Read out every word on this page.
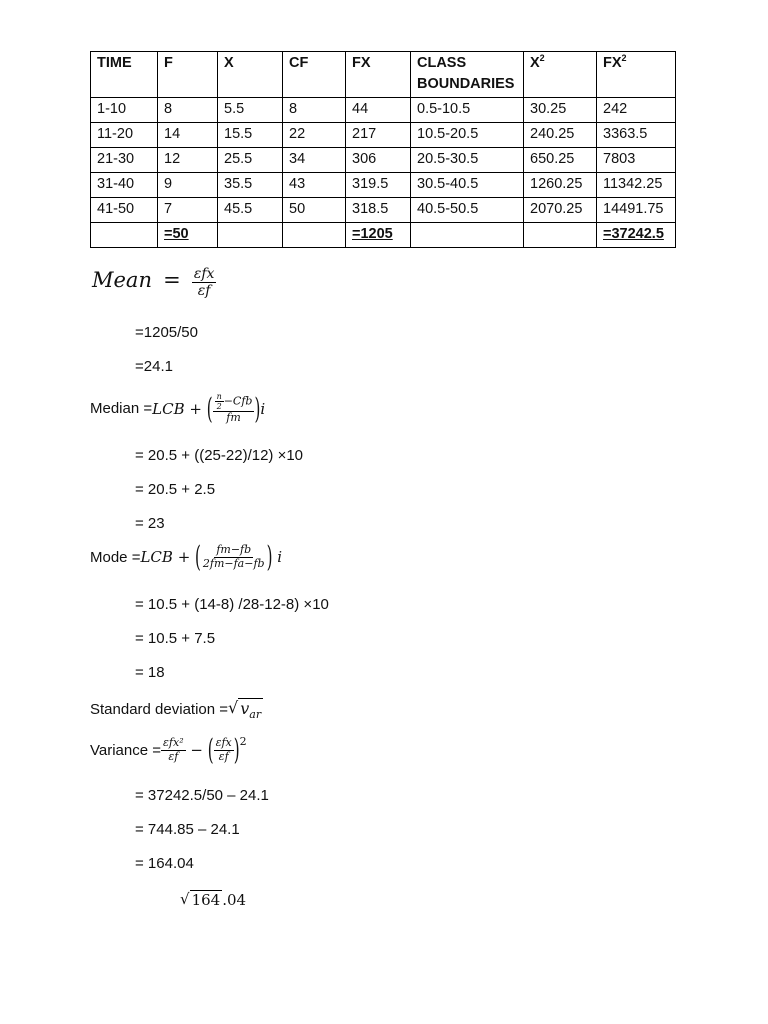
TIME	F	X	CF	FX	CLASS BOUNDARIES	$X^2$	$FX^2$
1-10	8	5.5	8	44	0.5-10.5	30.25	242
11-20	14	15.5	22	217	10.5-20.5	240.25	3363.5
21-30	12	25.5	34	306	20.5-30.5	650.25	7803
31-40	9	35.5	43	319.5	30.5-40.5	1260.25	11342.25
41-50	7	45.5	50	318.5	40.5-50.5	2070.25	14491.75
	=50			=1205			=37242.5
Mean  = $\frac{\text{εfx}}{\varepsilon f}$
=1205/50
=24.1
Median = LCB + ( $\frac{\frac{n}{2} -Cfb}{fm}$ ) i
= 20.5 + ((25-22)/12) ×10
= 20.5 + 2.5
= 23
Mode = LCB + ( $\frac{fm-fb}{2fm-fa-fb}$ )
i
= 10.5 + (14-8) /28-12-8) ×10
= 10.5 + 7.5
= 18
Standard deviation = √ $v_{ar}$
Variance = $\frac{\text{εfx²}}{\varepsilon f}$ − ( $\frac{\text{εfx}}{\varepsilon f}$ ) 2
= 37242.5/50 – 24.1
= 744.85 – 24.1
= 164.04
√ 164 .04
